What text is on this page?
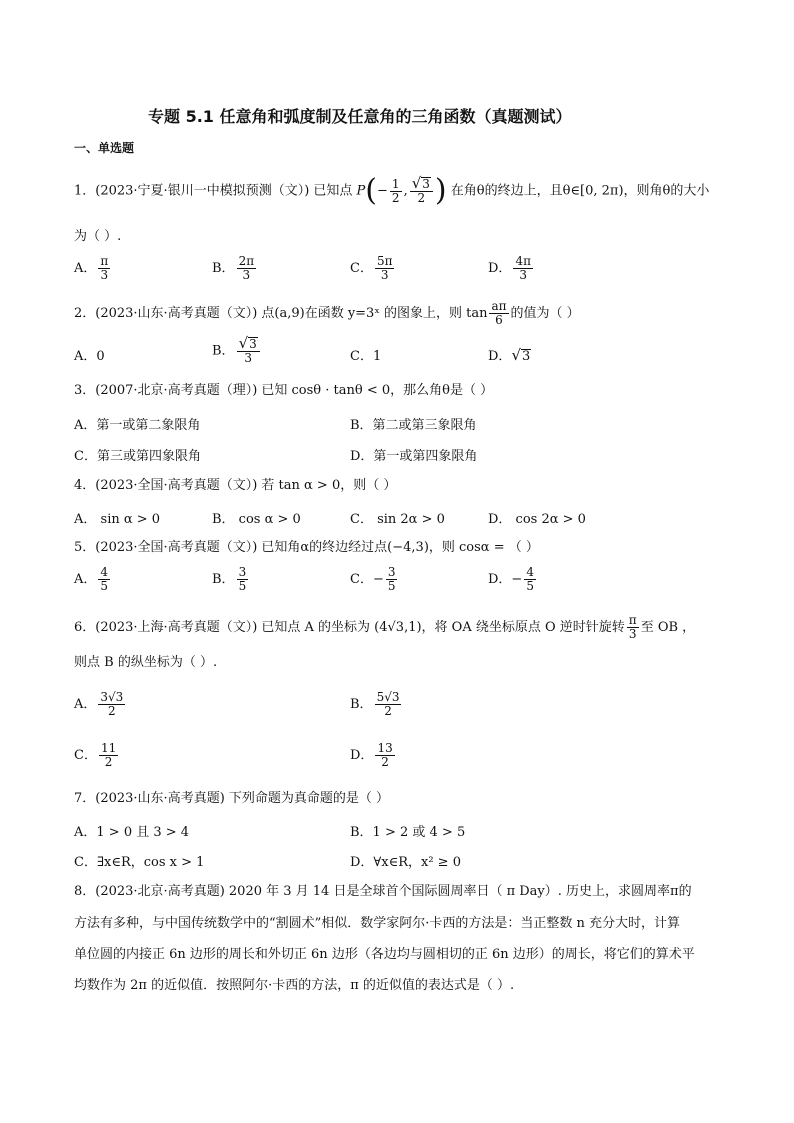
专题 5.1 任意角和弧度制及任意角的三角函数（真题测试）
一、单选题
1．(2023·宁夏·银川一中模拟预测（文）) 已知点 $P(- \frac{1}{2}$ , $\frac{√ 3}{2}$ ) 在角θ的终边上，且θ∈[0, 2π)，则角θ的大小
为（ ）.
A． $\frac{\pi}{3}$	B． $\frac{2\pi}{3}$	C． $\frac{5\pi}{3}$	D． $\frac{4\pi}{3}$
2．(2023·山东·高考真题（文）) 点(a,9)在函数 y=3ˣ 的图象上，则 $\tan \frac{a\pi}{6}$ 的值为（ ）
A．0	B． $\frac{√ 3}{3}$	C．1	D． √ 3
3．(2007·北京·高考真题（理）) 已知 cosθ · tanθ < 0，那么角θ是（ ）
A．第一或第二象限角	B．第二或第三象限角
C．第三或第四象限角	D．第一或第四象限角
4．(2023·全国·高考真题（文）) 若 tan α > 0，则（ ）
A． sin α > 0	B． cos α > 0	C． sin 2α > 0	D． cos 2α > 0
5．(2023·全国·高考真题（文）) 已知角α的终边经过点(−4,3)，则 cosα = （ ）
A． $\frac{4}{5}$	B． $\frac{3}{5}$	C．− $\frac{3}{5}$	D．− $\frac{4}{5}$
6．(2023·上海·高考真题（文）) 已知点 A 的坐标为 (4√3,1)，将 OA 绕坐标原点 O 逆时针旋转 $\frac{\pi}{3}$ 至 OB ，
则点 B 的纵坐标为（ ）.
A． $\frac{3√3}{2}$	B． $\frac{5√3}{2}$
C． $\frac{11}{2}$	D． $\frac{13}{2}$
7．(2023·山东·高考真题) 下列命题为真命题的是（ ）
A．1 > 0 且 3 > 4	B．1 > 2 或 4 > 5
C．∃x∈R，cos x > 1	D．∀x∈R，x² ≥ 0
8．(2023·北京·高考真题) 2020 年 3 月 14 日是全球首个国际圆周率日（ π Day）. 历史上，求圆周率π的
方法有多种，与中国传统数学中的“割圆术”相似．数学家阿尔·卡西的方法是：当正整数 n 充分大时，计算
单位圆的内接正 6n 边形的周长和外切正 6n 边形（各边均与圆相切的正 6n 边形）的周长，将它们的算术平
均数作为 2π 的近似值．按照阿尔·卡西的方法，π 的近似值的表达式是（ ）.
